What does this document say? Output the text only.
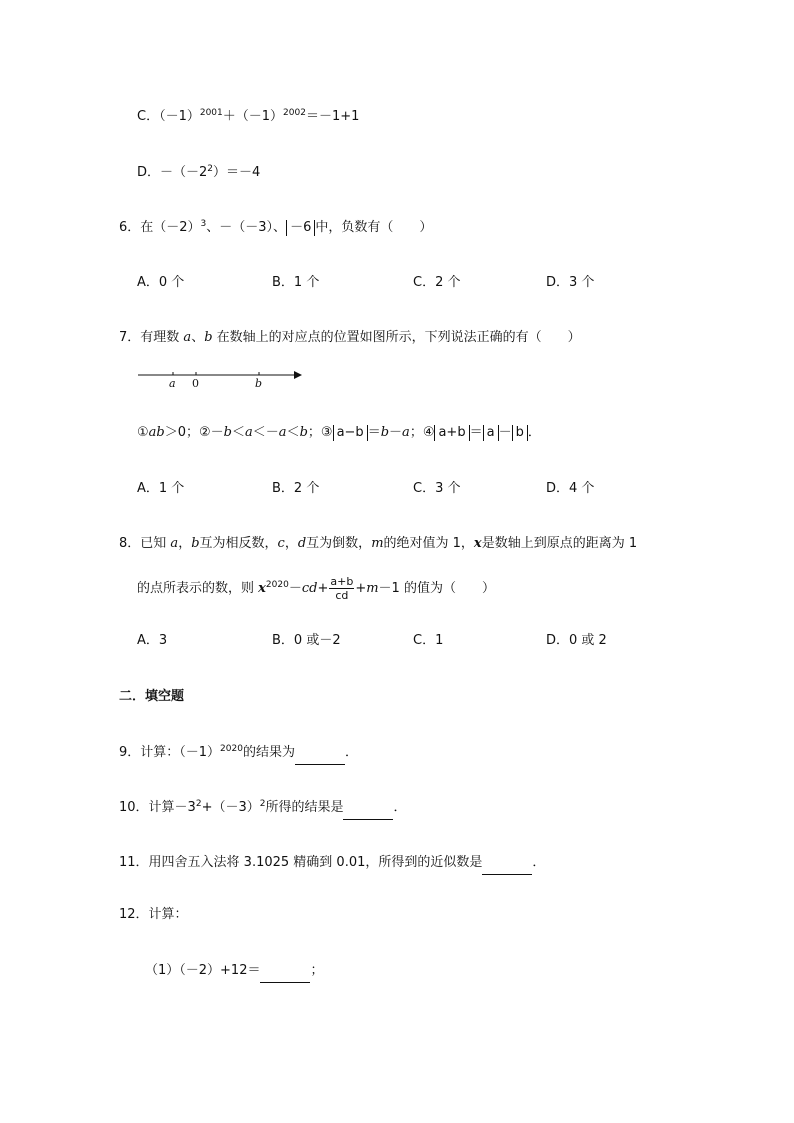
C．$(-1)^{2001}+(-1)^{2002}=-1+1$
D．$-(-2^2)=-4$
6．在$(-2)^3$、－（－3）、 －6 中，负数有（　　）
A．0 个	B．1 个	C．2 个	D．3 个
7．有理数 a、b 在数轴上的对应点的位置如图所示，下列说法正确的有（　　）
a 0	b
①ab＞0；②－b＜a＜－a＜b；③ a−b ＝b－a；④ a+b ＝ a － b ．
A．1 个	B．2 个	C．3 个	D．4 个
8．已知 a，b互为相反数，c，d互为倒数，m的绝对值为 1，x是数轴上到原点的距离为 1
的点所表示的数，则 $x^{2020}-cd+ \frac{a+b}{cd} +m-1$ 的值为（　　）
A．3	B．0 或－2	C．1	D．0 或 2
二．填空题
9．计算：$(-1)^{2020}$的结果为	．
10．计算$-3^2+(-3)^2$所得的结果是	．
11．用四舍五入法将 3.1025 精确到 0.01，所得到的近似数是	．
12．计算：
（1）（－2）+12＝	；
